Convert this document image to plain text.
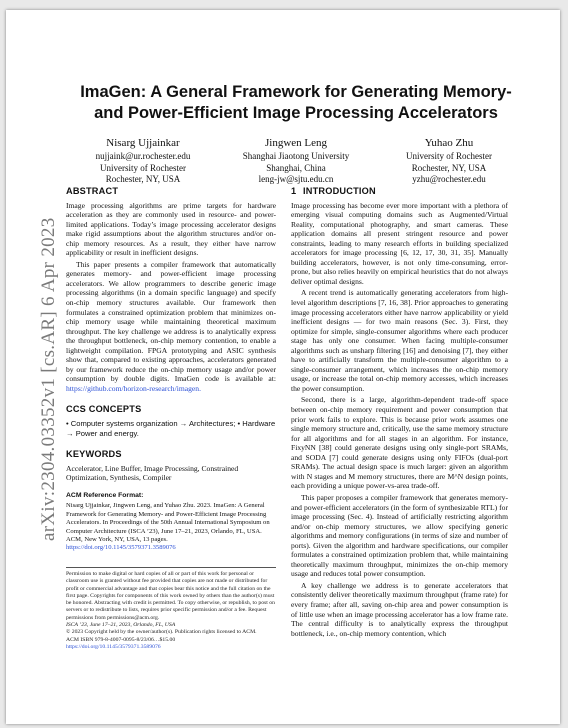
arXiv:2304.03352v1 [cs.AR] 6 Apr 2023
ImaGen: A General Framework for Generating Memory- and Power-Efficient Image Processing Accelerators
Nisarg Ujjainkar
nujjaink@ur.rochester.edu
University of Rochester
Rochester, NY, USA
Jingwen Leng
Shanghai Jiaotong University
Shanghai, China
leng-jw@sjtu.edu.cn
Yuhao Zhu
University of Rochester
Rochester, NY, USA
yzhu@rochester.edu
ABSTRACT

Image processing algorithms are prime targets for hardware acceleration as they are commonly used in resource- and power-limited applications. Today’s image processing accelerator designs make rigid assumptions about the algorithm structures and/or on-chip memory resources. As a result, they either have narrow applicability or result in inefficient designs.

This paper presents a compiler framework that automatically generates memory- and power-efficient image processing accelerators. We allow programmers to describe generic image processing algorithms (in a domain specific language) and specify on-chip memory structures available. Our framework then formulates a constrained optimization problem that minimizes on-chip memory usage while maintaining theoretical maximum throughput. The key challenge we address is to analytically express the throughput bottleneck, on-chip memory contention, to enable a lightweight compilation. FPGA prototyping and ASIC synthesis show that, compared to existing approaches, accelerators generated by our framework reduce the on-chip memory usage and/or power consumption by double digits. ImaGen code is available at: https://github.com/horizon-research/imagen.

CCS CONCEPTS
• Computer systems organization → Architectures; • Hardware → Power and energy.
KEYWORDS

Accelerator, Line Buffer, Image Processing, Constrained Optimization, Synthesis, Compiler

ACM Reference Format:
Nisarg Ujjainkar, Jingwen Leng, and Yuhao Zhu. 2023. ImaGen: A General Framework for Generating Memory- and Power-Efficient Image Processing Accelerators. In Proceedings of the 50th Annual International Symposium on Computer Architecture (ISCA ’23), June 17–21, 2023, Orlando, FL, USA. ACM, New York, NY, USA, 13 pages. https://doi.org/10.1145/3579371.3589076
Permission to make digital or hard copies of all or part of this work for personal or classroom use is granted without fee provided that copies are not made or distributed for profit or commercial advantage and that copies bear this notice and the full citation on the first page. Copyrights for components of this work owned by others than the author(s) must be honored. Abstracting with credit is permitted. To copy otherwise, or republish, to post on servers or to redistribute to lists, requires prior specific permission and/or a fee. Request permissions from permissions@acm.org.
ISCA ’23, June 17–21, 2023, Orlando, FL, USA
© 2023 Copyright held by the owner/author(s). Publication rights licensed to ACM.
ACM ISBN 979-8-4007-0095-8/23/06…$15.00
https://doi.org/10.1145/3579371.3589076
1 INTRODUCTION

Image processing has become ever more important with a plethora of emerging visual computing domains such as Augmented/Virtual Reality, computational photography, and smart cameras. These application domains all present stringent resource and power constraints, leading to many research efforts in building specialized accelerators for image processing [6, 12, 17, 30, 31, 35]. Manually building accelerators, however, is not only time-consuming, error-prone, but also relies heavily on empirical heuristics that do not always deliver optimal designs.

A recent trend is automatically generating accelerators from high-level algorithm descriptions [7, 16, 38]. Prior approaches to generating image processing accelerators either have narrow applicability or yield inefficient designs — for two main reasons (Sec. 3). First, they optimize for simple, single-consumer algorithms where each producer stage has only one consumer. When facing multiple-consumer algorithms such as unsharp filtering [16] and denoising [7], they either have to artificially transform the multiple-consumer algorithm to a single-consumer arrangement, which increases the on-chip memory usage, or increase the total on-chip memory accesses, which increases the power consumption.

Second, there is a large, algorithm-dependent trade-off space between on-chip memory requirement and power consumption that prior work fails to explore. This is because prior work assumes one single memory structure and, critically, use the same memory structure for all algorithms and for all stages in an algorithm. For instance, FixyNN [38] could generate designs using only single-port SRAMs, and SODA [7] could generate designs using only FIFOs (dual-port SRAMs). The actual design space is much larger: given an algorithm with N stages and M memory structures, there are M^N design points, each providing a unique power-vs-area trade-off.

This paper proposes a compiler framework that generates memory- and power-efficient accelerators (in the form of synthesizable RTL) for image processing (Sec. 4). Instead of artificially restricting algorithm and/or on-chip memory structures, we allow specifying generic algorithms and memory configurations (in terms of size and number of ports). Given the algorithm and hardware specifications, our compiler formulates a constrained optimization problem that, while maintaining theoretically maximum throughput, minimizes the on-chip memory usage and reduces total power consumption.

A key challenge we address is to generate accelerators that consistently deliver theoretically maximum throughput (frame rate) for every frame; after all, saving on-chip area and power consumption is of little use when an image processing accelerator has a low frame rate. The central difficulty is to analytically express the throughput bottleneck, i.e., on-chip memory contention, which
